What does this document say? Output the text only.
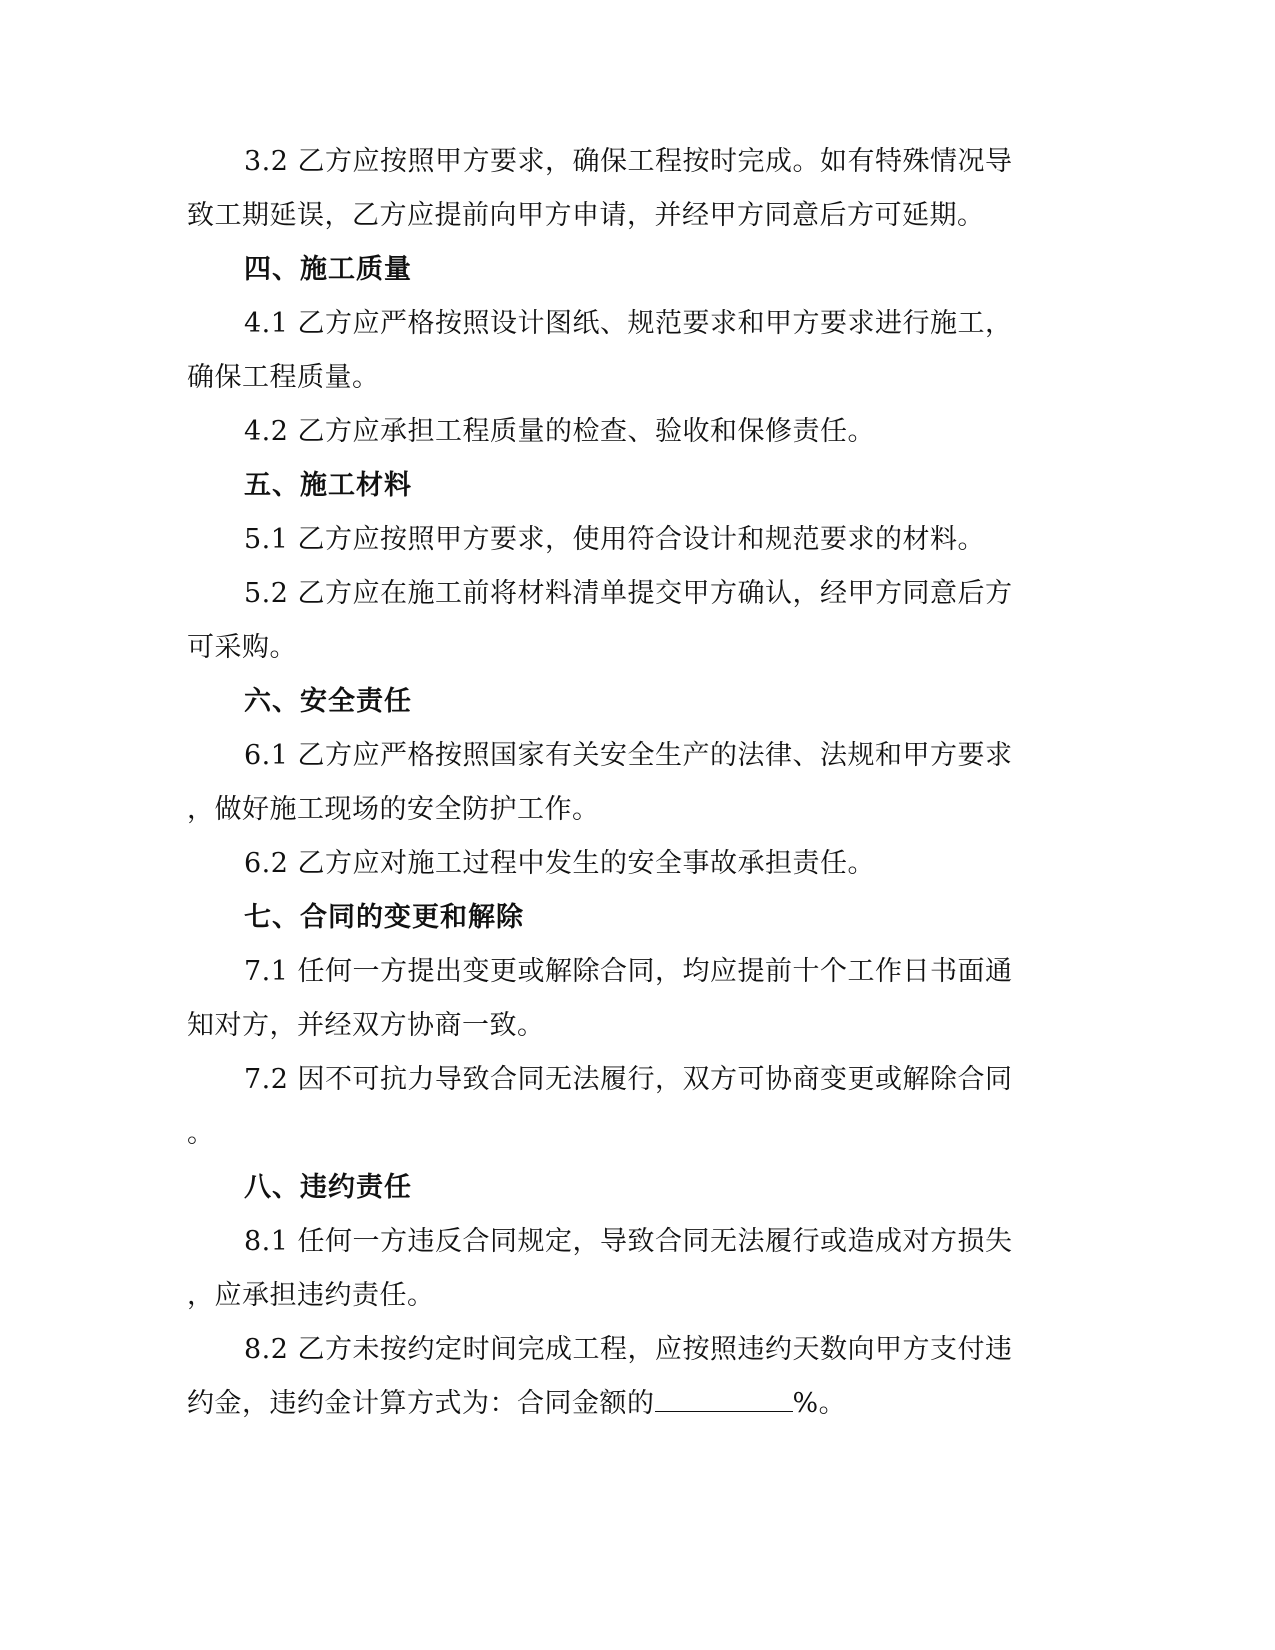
3.2 乙方应按照甲方要求，确保工程按时完成。如有特殊情况导
致工期延误，乙方应提前向甲方申请，并经甲方同意后方可延期。
四、施工质量
4.1 乙方应严格按照设计图纸、规范要求和甲方要求进行施工，
确保工程质量。
4.2 乙方应承担工程质量的检查、验收和保修责任。
五、施工材料
5.1 乙方应按照甲方要求，使用符合设计和规范要求的材料。
5.2 乙方应在施工前将材料清单提交甲方确认，经甲方同意后方
可采购。
六、安全责任
6.1 乙方应严格按照国家有关安全生产的法律、法规和甲方要求
，做好施工现场的安全防护工作。
6.2 乙方应对施工过程中发生的安全事故承担责任。
七、合同的变更和解除
7.1 任何一方提出变更或解除合同，均应提前十个工作日书面通
知对方，并经双方协商一致。
7.2 因不可抗力导致合同无法履行，双方可协商变更或解除合同
。
八、违约责任
8.1 任何一方违反合同规定，导致合同无法履行或造成对方损失
，应承担违约责任。
8.2 乙方未按约定时间完成工程，应按照违约天数向甲方支付违
约金，违约金计算方式为：合同金额的	%。
